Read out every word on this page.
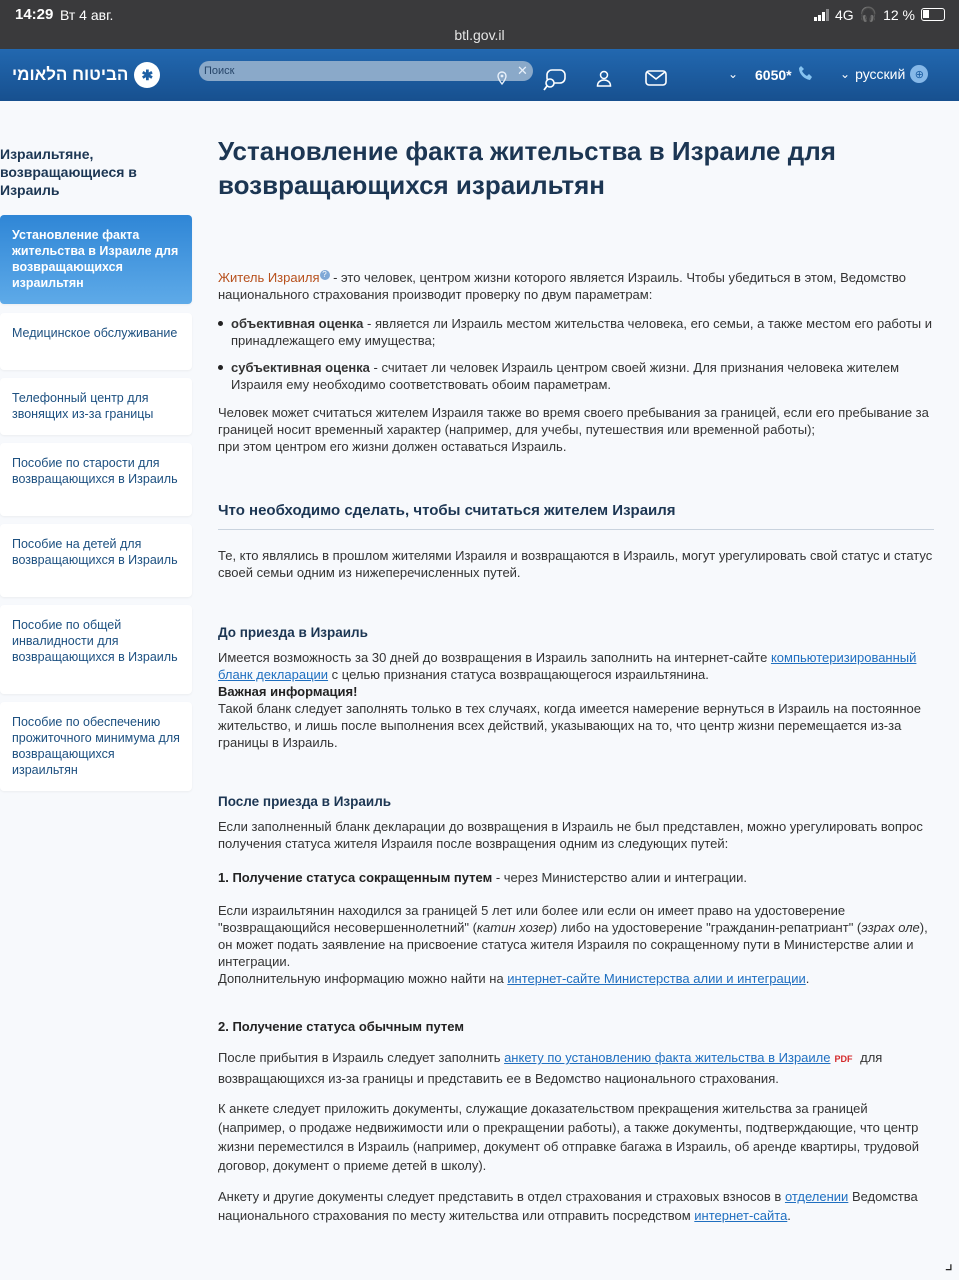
14:29 Вт 4 авг.	4G 🎧 12 %
btl.gov.il
הביטוח הלאומי ✱
Поиск	✕	⌄ 6050*	⌄ русский ⊕
Израильтяне, возвращающиеся в Израиль
Установление факта жительства в Израиле для возвращающихся израильтян
Медицинское обслуживание
Телефонный центр для звонящих из-за границы
Пособие по старости для возвращающихся в Израиль
Пособие на детей для возвращающихся в Израиль
Пособие по общей инвалидности для возвращающихся в Израиль
Пособие по обеспечению прожиточного минимума для возвращающихся израильтян
Установление факта жительства в Израиле для возвращающихся израильтян
Житель Израиля ? - это человек, центром жизни которого является Израиль. Чтобы убедиться в этом, Ведомство национального страхования производит проверку по двум параметрам:
объективная оценка - является ли Израиль местом жительства человека, его семьи, а также местом его работы и принадлежащего ему имущества;
субъективная оценка - считает ли человек Израиль центром своей жизни. Для признания человека жителем Израиля ему необходимо соответствовать обоим параметрам.
Человек может считаться жителем Израиля также во время своего пребывания за границей, если его пребывание за границей носит временный характер (например, для учебы, путешествия или временной работы);
при этом центром его жизни должен оставаться Израиль.
Что необходимо сделать, чтобы считаться жителем Израиля
Те, кто являлись в прошлом жителями Израиля и возвращаются в Израиль, могут урегулировать свой статус и статус своей семьи одним из нижеперечисленных путей.
До приезда в Израиль
Имеется возможность за 30 дней до возвращения в Израиль заполнить на интернет-сайте компьютеризированный бланк декларации с целью признания статуса возвращающегося израильтянина.
Важная информация!
Такой бланк следует заполнять только в тех случаях, когда имеется намерение вернуться в Израиль на постоянное жительство, и лишь после выполнения всех действий, указывающих на то, что центр жизни перемещается из-за границы в Израиль.
После приезда в Израиль
Если заполненный бланк декларации до возвращения в Израиль не был представлен, можно урегулировать вопрос получения статуса жителя Израиля после возвращения одним из следующих путей:
1. Получение статуса сокращенным путем - через Министерство алии и интеграции.
Если израильтянин находился за границей 5 лет или более или если он имеет право на удостоверение "возвращающийся несовершеннолетний" (катин хозер) либо на удостоверение "гражданин-репатриант" (эзрах оле), он может подать заявление на присвоение статуса жителя Израиля по сокращенному пути в Министерстве алии и интеграции.
Дополнительную информацию можно найти на интернет-сайте Министерства алии и интеграции.
2. Получение статуса обычным путем
После прибытия в Израиль следует заполнить анкету по установлению факта жительства в Израиле PDF для возвращающихся из-за границы и представить ее в Ведомство национального страхования.
К анкете следует приложить документы, служащие доказательством прекращения жительства за границей (например, о продаже недвижимости или о прекращении работы), а также документы, подтверждающие, что центр жизни переместился в Израиль (например, документ об отправке багажа в Израиль, об аренде квартиры, трудовой договор, документ о приеме детей в школу).
Анкету и другие документы следует представить в отдел страхования и страховых взносов в отделении Ведомства национального страхования по месту жительства или отправить посредством интернет-сайта.
⌟
